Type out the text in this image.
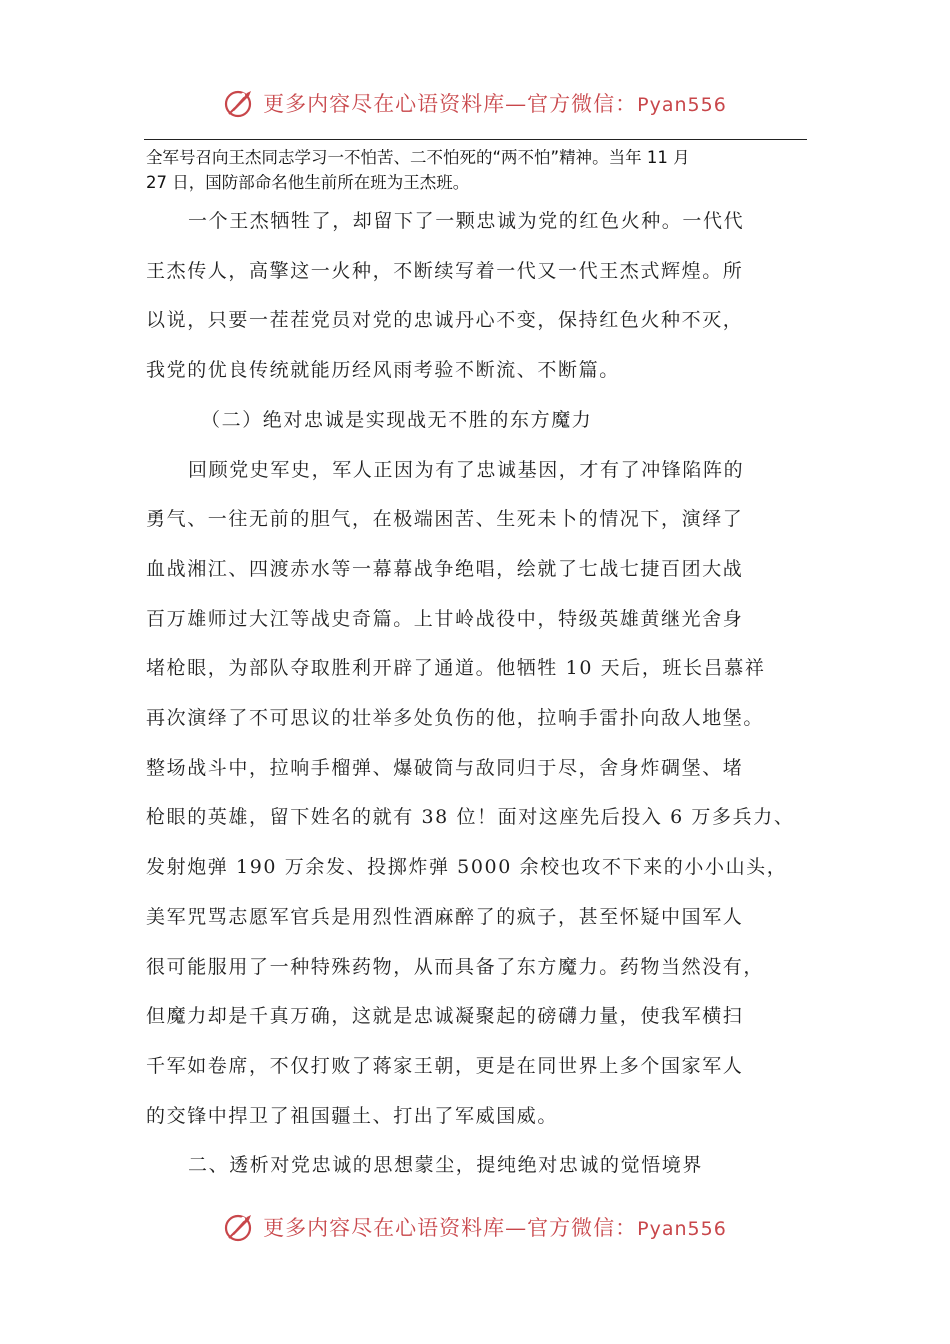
更多内容尽在心语资料库—官方微信：Pyan556

全军号召向王杰同志学习一不怕苦、二不怕死的“两不怕”精神。当年 11 月

27 日，国防部命名他生前所在班为王杰班。

一个王杰牺牲了，却留下了一颗忠诚为党的红色火种。一代代

王杰传人，高擎这一火种，不断续写着一代又一代王杰式辉煌。所

以说，只要一茬茬党员对党的忠诚丹心不变，保持红色火种不灭，

我党的优良传统就能历经风雨考验不断流、不断篇。

（二）绝对忠诚是实现战无不胜的东方魔力

回顾党史军史，军人正因为有了忠诚基因，才有了冲锋陷阵的

勇气、一往无前的胆气，在极端困苦、生死未卜的情况下，演绎了

血战湘江、四渡赤水等一幕幕战争绝唱，绘就了七战七捷百团大战

百万雄师过大江等战史奇篇。上甘岭战役中，特级英雄黄继光舍身

堵枪眼，为部队夺取胜利开辟了通道。他牺牲 10 天后，班长吕慕祥

再次演绎了不可思议的壮举多处负伤的他，拉响手雷扑向敌人地堡。

整场战斗中，拉响手榴弹、爆破筒与敌同归于尽，舍身炸碉堡、堵

枪眼的英雄，留下姓名的就有 38 位！面对这座先后投入 6 万多兵力、

发射炮弹 190 万余发、投掷炸弹 5000 余校也攻不下来的小小山头，

美军咒骂志愿军官兵是用烈性酒麻醉了的疯子，甚至怀疑中国军人

很可能服用了一种特殊药物，从而具备了东方魔力。药物当然没有，

但魔力却是千真万确，这就是忠诚凝聚起的磅礴力量，使我军横扫

千军如卷席，不仅打败了蒋家王朝，更是在同世界上多个国家军人

的交锋中捍卫了祖国疆土、打出了军威国威。

二、透析对党忠诚的思想蒙尘，提纯绝对忠诚的觉悟境界

更多内容尽在心语资料库—官方微信：Pyan556
